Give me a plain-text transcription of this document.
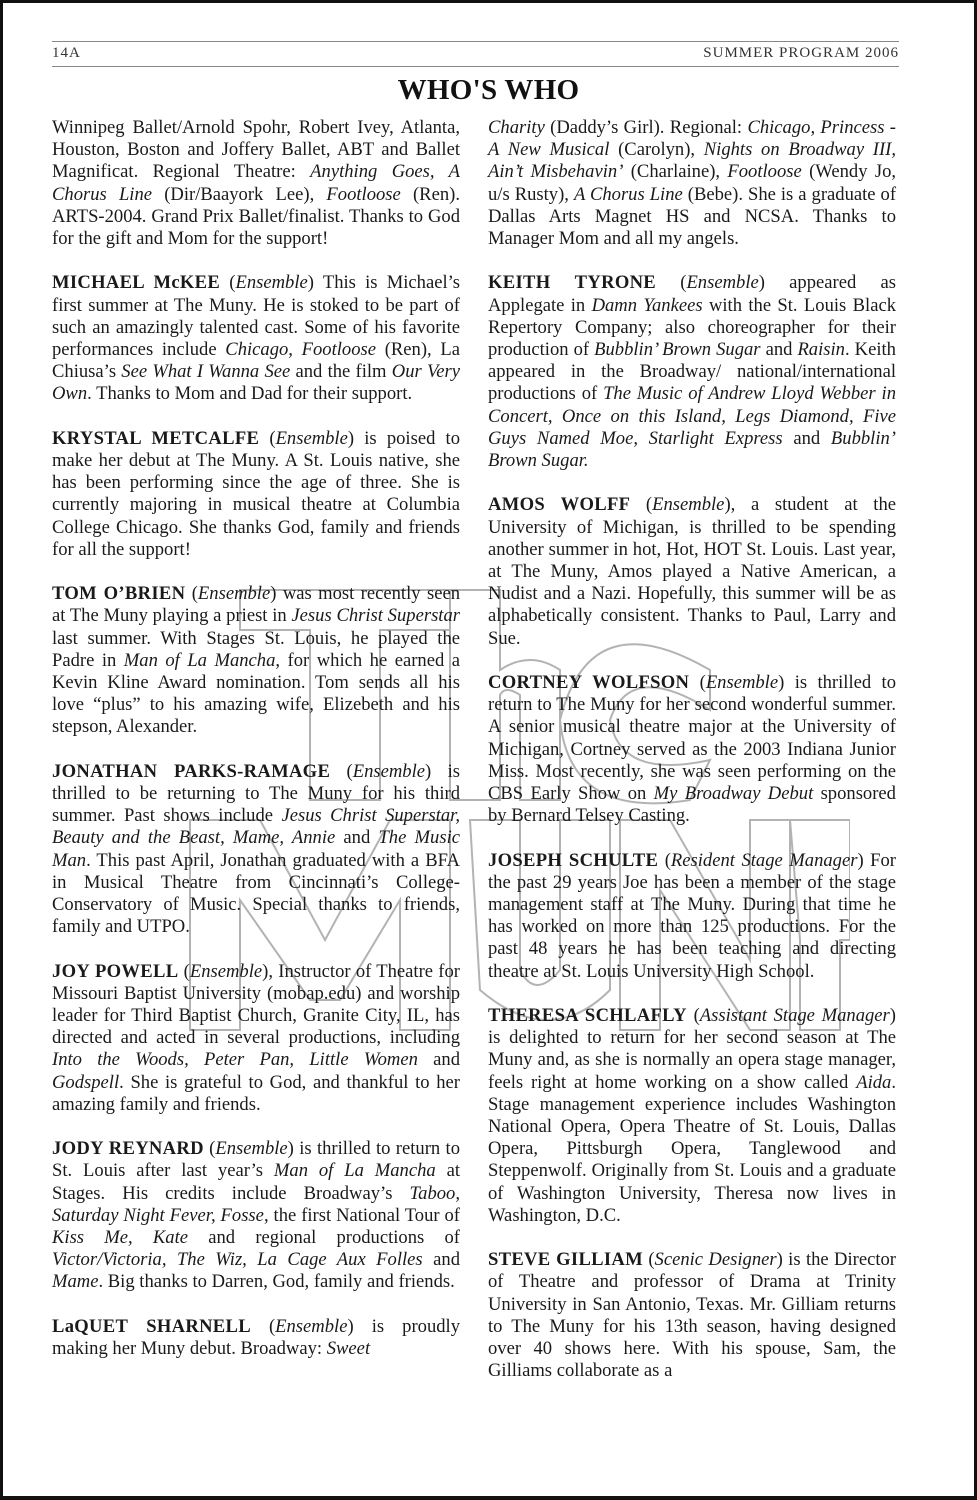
14A	SUMMER PROGRAM 2006
WHO'S WHO

Winnipeg Ballet/Arnold Spohr, Robert Ivey, Atlanta, Houston, Boston and Joffery Ballet, ABT and Ballet Magnificat. Regional Theatre: Anything Goes, A Chorus Line (Dir/Baayork Lee), Footloose (Ren). ARTS-2004. Grand Prix Ballet/finalist. Thanks to God for the gift and Mom for the support!

MICHAEL McKEE (Ensemble) This is Michael’s first summer at The Muny. He is stoked to be part of such an amazingly talented cast. Some of his favorite performances include Chicago, Footloose (Ren), La Chiusa’s See What I Wanna See and the film Our Very Own. Thanks to Mom and Dad for their support.

KRYSTAL METCALFE (Ensemble) is poised to make her debut at The Muny. A St. Louis native, she has been performing since the age of three. She is currently majoring in musical theatre at Columbia College Chicago. She thanks God, family and friends for all the support!

TOM O’BRIEN (Ensemble) was most recently seen at The Muny playing a priest in Jesus Christ Superstar last summer. With Stages St. Louis, he played the Padre in Man of La Mancha, for which he earned a Kevin Kline Award nomination. Tom sends all his love “plus” to his amazing wife, Elizebeth and his stepson, Alexander.

JONATHAN PARKS-RAMAGE (Ensemble) is thrilled to be returning to The Muny for his third summer. Past shows include Jesus Christ Superstar, Beauty and the Beast, Mame, Annie and The Music Man. This past April, Jonathan graduated with a BFA in Musical Theatre from Cincinnati’s College-Conservatory of Music. Special thanks to friends, family and UTPO.

JOY POWELL (Ensemble), Instructor of Theatre for Missouri Baptist University (mobap.edu) and worship leader for Third Baptist Church, Granite City, IL, has directed and acted in several productions, including Into the Woods, Peter Pan, Little Women and Godspell. She is grateful to God, and thankful to her amazing family and friends.

JODY REYNARD (Ensemble) is thrilled to return to St. Louis after last year’s Man of La Mancha at Stages. His credits include Broadway’s Taboo, Saturday Night Fever, Fosse, the first National Tour of Kiss Me, Kate and regional productions of Victor/Victoria, The Wiz, La Cage Aux Folles and Mame. Big thanks to Darren, God, family and friends.

LaQUET SHARNELL (Ensemble) is proudly making her Muny debut. Broadway: Sweet

Charity (Daddy’s Girl). Regional: Chicago, Princess - A New Musical (Carolyn), Nights on Broadway III, Ain’t Misbehavin’ (Charlaine), Footloose (Wendy Jo, u/s Rusty), A Chorus Line (Bebe). She is a graduate of Dallas Arts Magnet HS and NCSA. Thanks to Manager Mom and all my angels.

KEITH TYRONE (Ensemble) appeared as Applegate in Damn Yankees with the St. Louis Black Repertory Company; also choreographer for their production of Bubblin’ Brown Sugar and Raisin. Keith appeared in the Broadway/ national/international productions of The Music of Andrew Lloyd Webber in Concert, Once on this Island, Legs Diamond, Five Guys Named Moe, Starlight Express and Bubblin’ Brown Sugar.

AMOS WOLFF (Ensemble), a student at the University of Michigan, is thrilled to be spending another summer in hot, Hot, HOT St. Louis. Last year, at The Muny, Amos played a Native American, a Nudist and a Nazi. Hopefully, this summer will be as alphabetically consistent. Thanks to Paul, Larry and Sue.

CORTNEY WOLFSON (Ensemble) is thrilled to return to The Muny for her second wonderful summer. A senior musical theatre major at the University of Michigan, Cortney served as the 2003 Indiana Junior Miss. Most recently, she was seen performing on the CBS Early Show on My Broadway Debut sponsored by Bernard Telsey Casting.

JOSEPH SCHULTE (Resident Stage Manager) For the past 29 years Joe has been a member of the stage management staff at The Muny. During that time he has worked on more than 125 productions. For the past 48 years he has been teaching and directing theatre at St. Louis University High School.

THERESA SCHLAFLY (Assistant Stage Manager) is delighted to return for her second season at The Muny and, as she is normally an opera stage manager, feels right at home working on a show called Aida. Stage management experience includes Washington National Opera, Opera Theatre of St. Louis, Dallas Opera, Pittsburgh Opera, Tanglewood and Steppenwolf. Originally from St. Louis and a graduate of Washington University, Theresa now lives in Washington, D.C.

STEVE GILLIAM (Scenic Designer) is the Director of Theatre and professor of Drama at Trinity University in San Antonio, Texas. Mr. Gilliam returns to The Muny for his 13th season, having designed over 40 shows here. With his spouse, Sam, the Gilliams collaborate as a
